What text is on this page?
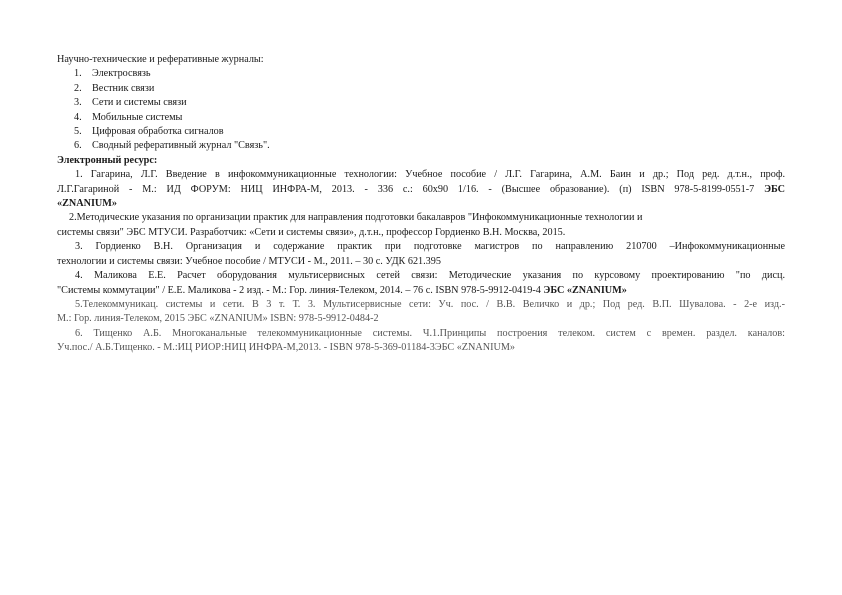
Научно-технические и реферативные журналы:
1.	Электросвязь
2.	Вестник связи
3.	Сети и системы связи
4.	Мобильные системы
5.	Цифровая обработка сигналов
6.	Сводный реферативный журнал "Связь".
Электронный ресурс:
1. Гагарина, Л.Г. Введение в инфокоммуникационные технологии: Учебное пособие / Л.Г. Гагарина, А.М. Баин и др.; Под ред. д.т.н., проф.
Л.Г.Гагариной - М.: ИД ФОРУМ: НИЦ ИНФРА-М, 2013. - 336 с.: 60х90 1/16. - (Высшее образование). (п) ISBN 978-5-8199-0551-7 ЭБС
«ZNANIUM»
2.Методические указания по организации практик для направления подготовки бакалавров "Инфокоммуникационные технологии и
системы связи" ЭБС МТУСИ. Разработчик: «Сети и системы связи», д.т.н., профессор Гордиенко В.Н. Москва, 2015.
3. Гордиенко В.Н. Организация и содержание практик при подготовке магистров по направлению 210700 –Инфокоммуникационные
технологии и системы связи: Учебное пособие / МТУСИ - М., 2011. – 30 с. УДК 621.395
4. Маликова Е.Е. Расчет оборудования мультисервисных сетей связи: Методические указания по курсовому проектированию "по дисц.
"Системы коммутации" / Е.Е. Маликова - 2 изд. - М.: Гор. линия-Телеком, 2014. – 76 с. ISBN 978-5-9912-0419-4 ЭБС «ZNANIUM»
5.Телекоммуникац. системы и сети. В 3 т. Т. 3. Мультисервисные сети: Уч. пос. / В.В. Величко и др.; Под ред. В.П. Шувалова. - 2-е изд.-
М.: Гор. линия-Телеком, 2015 ЭБС «ZNANIUM» ISBN: 978-5-9912-0484-2
6. Тищенко А.Б. Многоканальные телекоммуникационные системы. Ч.1.Принципы построения телеком. систем с времен. раздел. каналов:
Уч.пос./ А.Б.Тищенко. - М.:ИЦ РИОР:НИЦ ИНФРА-М,2013. - ISBN 978-5-369-01184-3ЭБС «ZNANIUM»
